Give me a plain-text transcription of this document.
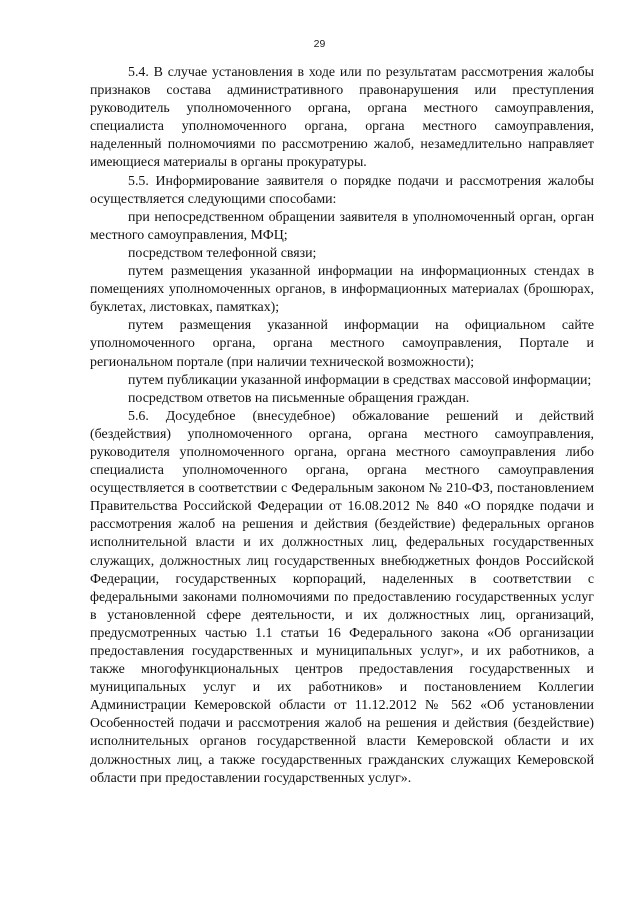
29

5.4. В случае установления в ходе или по результатам рассмотрения жалобы признаков состава административного правонарушения или преступления руководитель уполномоченного органа, органа местного самоуправления, специалиста уполномоченного органа, органа местного самоуправления, наделенный полномочиями по рассмотрению жалоб, незамедлительно направляет имеющиеся материалы в органы прокуратуры.

5.5. Информирование заявителя о порядке подачи и рассмотрения жалобы осуществляется следующими способами:

при непосредственном обращении заявителя в уполномоченный орган, орган местного самоуправления, МФЦ;

посредством телефонной связи;

путем размещения указанной информации на информационных стендах в помещениях уполномоченных органов, в информационных материалах (брошюрах, буклетах, листовках, памятках);

путем размещения указанной информации на официальном сайте уполномоченного органа, органа местного самоуправления, Портале и региональном портале (при наличии технической возможности);

путем публикации указанной информации в средствах массовой информации;

посредством ответов на письменные обращения граждан.

5.6. Досудебное (внесудебное) обжалование решений и действий (бездействия) уполномоченного органа, органа местного самоуправления, руководителя уполномоченного органа, органа местного самоуправления либо специалиста уполномоченного органа, органа местного самоуправления осуществляется в соответствии с Федеральным законом № 210-ФЗ, постановлением Правительства Российской Федерации от 16.08.2012 № 840 «О порядке подачи и рассмотрения жалоб на решения и действия (бездействие) федеральных органов исполнительной власти и их должностных лиц, федеральных государственных служащих, должностных лиц государственных внебюджетных фондов Российской Федерации, государственных корпораций, наделенных в соответствии с федеральными законами полномочиями по предоставлению государственных услуг в установленной сфере деятельности, и их должностных лиц, организаций, предусмотренных частью 1.1 статьи 16 Федерального закона «Об организации предоставления государственных и муниципальных услуг», и их работников, а также многофункциональных центров предоставления государственных и муниципальных услуг и их работников» и постановлением Коллегии Администрации Кемеровской области от 11.12.2012 № 562 «Об установлении Особенностей подачи и рассмотрения жалоб на решения и действия (бездействие) исполнительных органов государственной власти Кемеровской области и их должностных лиц, а также государственных гражданских служащих Кемеровской области при предоставлении государственных услуг».
